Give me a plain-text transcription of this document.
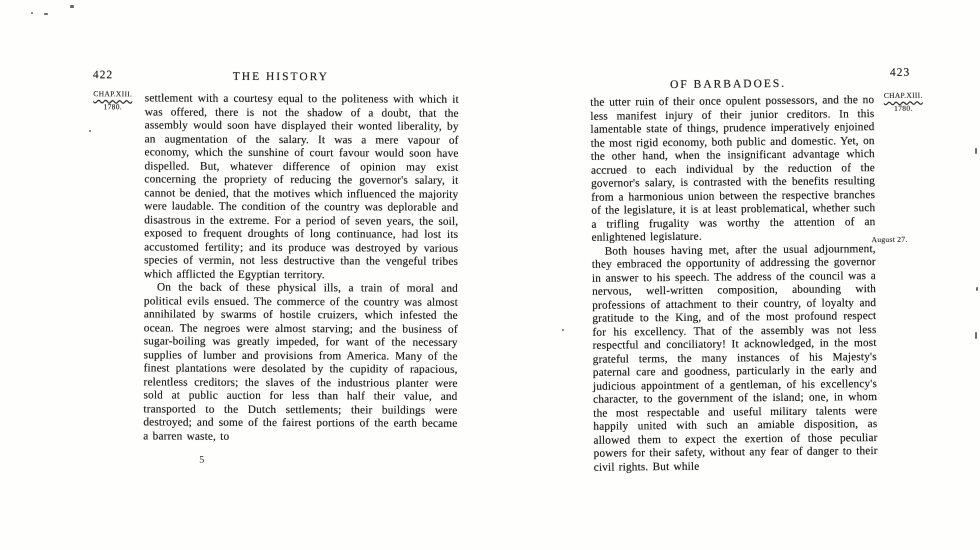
422	THE HISTORY
CHAP.XIII.
1780.

settlement with a courtesy equal to the politeness with which it was offered, there is not the shadow of a doubt, that the assembly would soon have displayed their wonted liberality, by an augmentation of the salary. It was a mere vapour of economy, which the sunshine of court favour would soon have dispelled. But, whatever difference of opinion may exist concerning the propriety of reducing the governor's salary, it cannot be denied, that the motives which influenced the majority were laudable. The condition of the country was deplorable and disastrous in the extreme. For a period of seven years, the soil, exposed to frequent droughts of long continuance, had lost its accustomed fertility; and its produce was destroyed by various species of vermin, not less destructive than the vengeful tribes which afflicted the Egyptian territory.

On the back of these physical ills, a train of moral and political evils ensued. The commerce of the country was almost annihilated by swarms of hostile cruizers, which infested the ocean. The negroes were almost starving; and the business of sugar-boiling was greatly impeded, for want of the necessary supplies of lumber and provisions from America. Many of the finest plantations were desolated by the cupidity of rapacious, relentless creditors; the slaves of the industrious planter were sold at public auction for less than half their value, and transported to the Dutch settlements; their buildings were destroyed; and some of the fairest portions of the earth became a barren waste, to

5
423
OF BARBADOES.
CHAP.XIII.
1780.
August 27.

the utter ruin of their once opulent possessors, and the no less manifest injury of their junior creditors. In this lamentable state of things, prudence imperatively enjoined the most rigid economy, both public and domestic. Yet, on the other hand, when the insignificant advantage which accrued to each individual by the reduction of the governor's salary, is contrasted with the benefits resulting from a harmonious union between the respective branches of the legislature, it is at least problematical, whether such a trifling frugality was worthy the attention of an enlightened legislature.

Both houses having met, after the usual adjournment, they embraced the opportunity of addressing the governor in answer to his speech. The address of the council was a nervous, well-written composition, abounding with professions of attachment to their country, of loyalty and gratitude to the King, and of the most profound respect for his excellency. That of the assembly was not less respectful and conciliatory! It acknowledged, in the most grateful terms, the many instances of his Majesty's paternal care and goodness, particularly in the early and judicious appointment of a gentleman, of his excellency's character, to the government of the island; one, in whom the most respectable and useful military talents were happily united with such an amiable disposition, as allowed them to expect the exertion of those peculiar powers for their safety, without any fear of danger to their civil rights. But while
